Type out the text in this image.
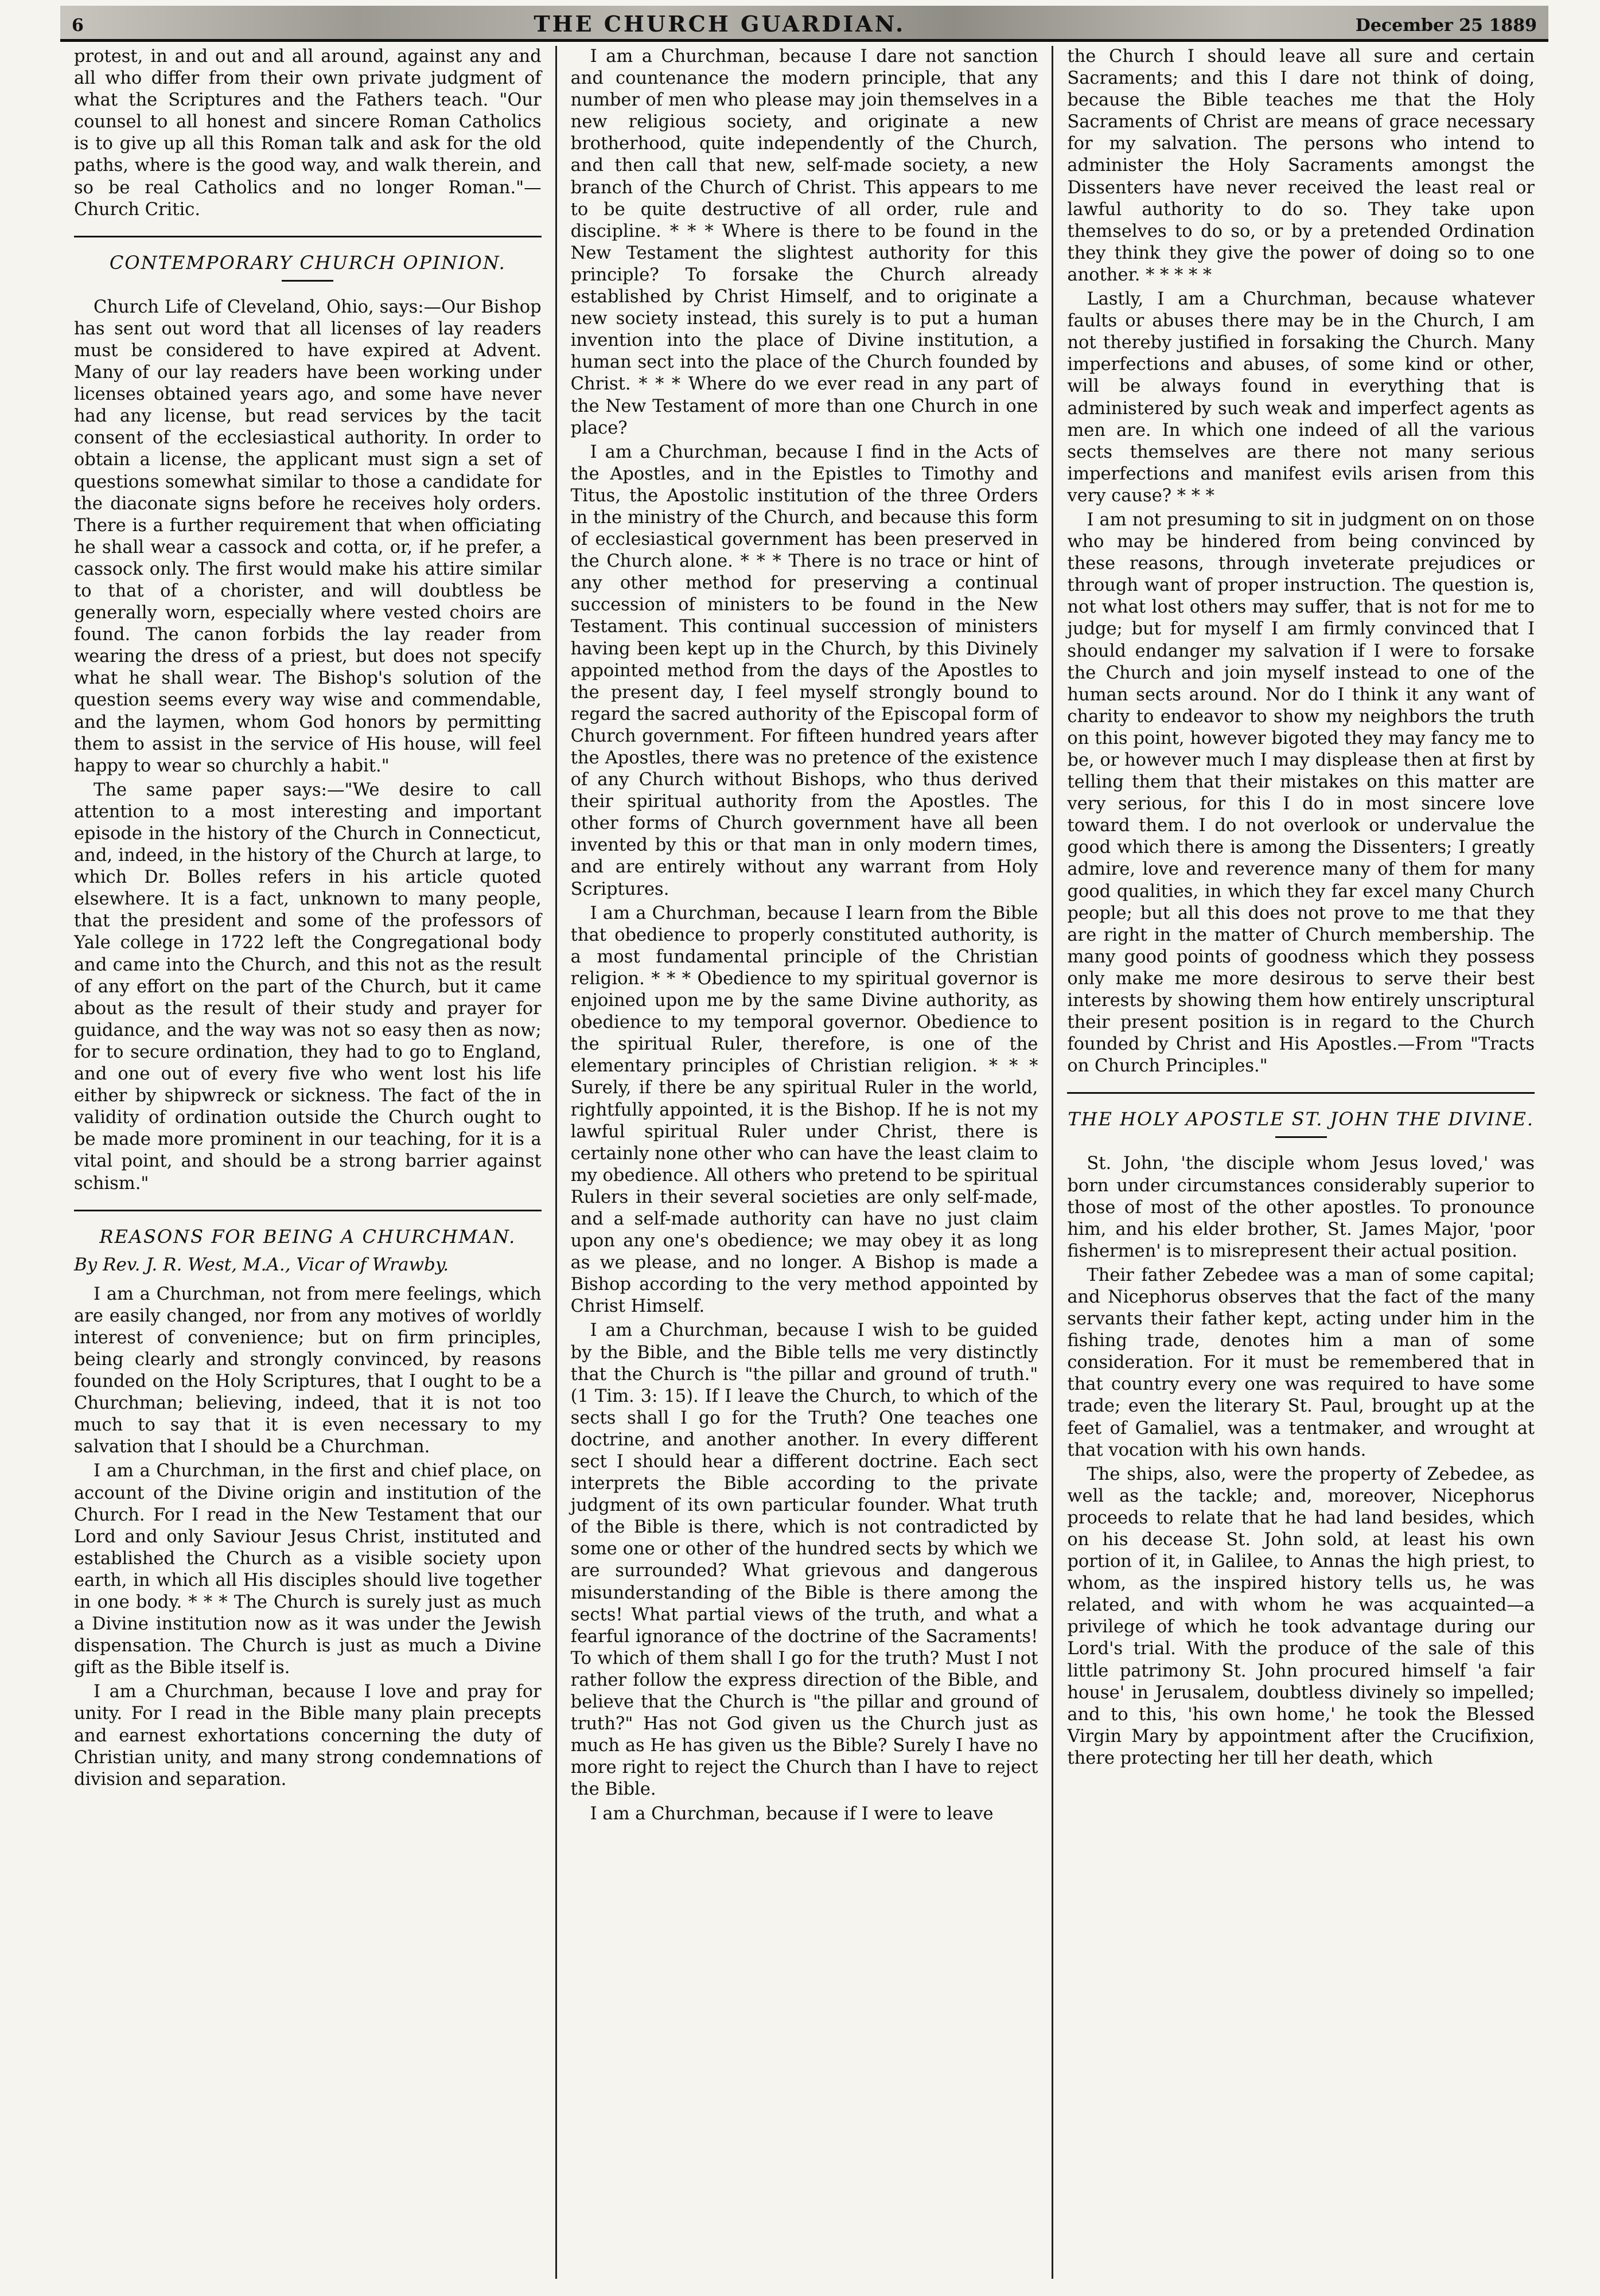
6	THE CHURCH GUARDIAN.	December 25 1889

protest, in and out and all around, against any and all who differ from their own private judgment of what the Scriptures and the Fathers teach. "Our counsel to all honest and sincere Roman Catholics is to give up all this Roman talk and ask for the old paths, where is the good way, and walk therein, and so be real Catholics and no longer Roman."—Church Critic.

CONTEMPORARY CHURCH OPINION.

Church Life of Cleveland, Ohio, says:—Our Bishop has sent out word that all licenses of lay readers must be considered to have expired at Advent. Many of our lay readers have been working under licenses obtained years ago, and some have never had any license, but read services by the tacit consent of the ecclesiastical authority. In order to obtain a license, the applicant must sign a set of questions somewhat similar to those a candidate for the diaconate signs before he receives holy orders. There is a further requirement that when officiating he shall wear a cassock and cotta, or, if he prefer, a cassock only. The first would make his attire similar to that of a chorister, and will doubtless be generally worn, especially where vested choirs are found. The canon forbids the lay reader from wearing the dress of a priest, but does not specify what he shall wear. The Bishop's solution of the question seems every way wise and commendable, and the laymen, whom God honors by permitting them to assist in the service of His house, will feel happy to wear so churchly a habit."

The same paper says:—"We desire to call attention to a most interesting and important episode in the history of the Church in Connecticut, and, indeed, in the history of the Church at large, to which Dr. Bolles refers in his article quoted elsewhere. It is a fact, unknown to many people, that the president and some of the professors of Yale college in 1722 left the Congregational body and came into the Church, and this not as the result of any effort on the part of the Church, but it came about as the result of their study and prayer for guidance, and the way was not so easy then as now; for to secure ordination, they had to go to England, and one out of every five who went lost his life either by shipwreck or sickness. The fact of the in validity of ordination outside the Church ought to be made more prominent in our teaching, for it is a vital point, and should be a strong barrier against schism."

REASONS FOR BEING A CHURCHMAN.

By Rev. J. R. West, M.A., Vicar of Wrawby.

I am a Churchman, not from mere feelings, which are easily changed, nor from any motives of worldly interest of convenience; but on firm principles, being clearly and strongly convinced, by reasons founded on the Holy Scriptures, that I ought to be a Churchman; believing, indeed, that it is not too much to say that it is even necessary to my salvation that I should be a Churchman.

I am a Churchman, in the first and chief place, on account of the Divine origin and institution of the Church. For I read in the New Testament that our Lord and only Saviour Jesus Christ, instituted and established the Church as a visible society upon earth, in which all His disciples should live together in one body. * * * The Church is surely just as much a Divine institution now as it was under the Jewish dispensation. The Church is just as much a Divine gift as the Bible itself is.

I am a Churchman, because I love and pray for unity. For I read in the Bible many plain precepts and earnest exhortations concerning the duty of Christian unity, and many strong condemnations of division and separation.

I am a Churchman, because I dare not sanction and countenance the modern principle, that any number of men who please may join themselves in a new religious society, and originate a new brotherhood, quite independently of the Church, and then call that new, self-made society, a new branch of the Church of Christ. This appears to me to be quite destructive of all order, rule and discipline. * * * Where is there to be found in the New Testament the slightest authority for this principle? To forsake the Church already established by Christ Himself, and to originate a new society instead, this surely is to put a human invention into the place of Divine institution, a human sect into the place of the Church founded by Christ. * * * Where do we ever read in any part of the New Testament of more than one Church in one place?

I am a Churchman, because I find in the Acts of the Apostles, and in the Epistles to Timothy and Titus, the Apostolic institution of the three Orders in the ministry of the Church, and because this form of ecclesiastical government has been preserved in the Church alone. * * * There is no trace or hint of any other method for preserving a continual succession of ministers to be found in the New Testament. This continual succession of ministers having been kept up in the Church, by this Divinely appointed method from the days of the Apostles to the present day, I feel myself strongly bound to regard the sacred authority of the Episcopal form of Church government. For fifteen hundred years after the Apostles, there was no pretence of the existence of any Church without Bishops, who thus derived their spiritual authority from the Apostles. The other forms of Church government have all been invented by this or that man in only modern times, and are entirely without any warrant from Holy Scriptures.

I am a Churchman, because I learn from the Bible that obedience to properly constituted authority, is a most fundamental principle of the Christian religion. * * * Obedience to my spiritual governor is enjoined upon me by the same Divine authority, as obedience to my temporal governor. Obedience to the spiritual Ruler, therefore, is one of the elementary principles of Christian religion. * * * Surely, if there be any spiritual Ruler in the world, rightfully appointed, it is the Bishop. If he is not my lawful spiritual Ruler under Christ, there is certainly none other who can have the least claim to my obedience. All others who pretend to be spiritual Rulers in their several societies are only self-made, and a self-made authority can have no just claim upon any one's obedience; we may obey it as long as we please, and no longer. A Bishop is made a Bishop according to the very method appointed by Christ Himself.

I am a Churchman, because I wish to be guided by the Bible, and the Bible tells me very distinctly that the Church is "the pillar and ground of truth." (1 Tim. 3: 15). If I leave the Church, to which of the sects shall I go for the Truth? One teaches one doctrine, and another another. In every different sect I should hear a different doctrine. Each sect interprets the Bible according to the private judgment of its own particular founder. What truth of the Bible is there, which is not contradicted by some one or other of the hundred sects by which we are surrounded? What grievous and dangerous misunderstanding of the Bible is there among the sects! What partial views of the truth, and what a fearful ignorance of the doctrine of the Sacraments! To which of them shall I go for the truth? Must I not rather follow the express direction of the Bible, and believe that the Church is "the pillar and ground of truth?" Has not God given us the Church just as much as He has given us the Bible? Surely I have no more right to reject the Church than I have to reject the Bible.

I am a Churchman, because if I were to leave

the Church I should leave all sure and certain Sacraments; and this I dare not think of doing, because the Bible teaches me that the Holy Sacraments of Christ are means of grace necessary for my salvation. The persons who intend to administer the Holy Sacraments amongst the Dissenters have never received the least real or lawful authority to do so. They take upon themselves to do so, or by a pretended Ordination they think they give the power of doing so to one another. * * * * *

Lastly, I am a Churchman, because whatever faults or abuses there may be in the Church, I am not thereby justified in forsaking the Church. Many imperfections and abuses, of some kind or other, will be always found in everything that is administered by such weak and imperfect agents as men are. In which one indeed of all the various sects themselves are there not many serious imperfections and manifest evils arisen from this very cause? * * *

I am not presuming to sit in judgment on on those who may be hindered from being convinced by these reasons, through inveterate prejudices or through want of proper instruction. The question is, not what lost others may suffer, that is not for me to judge; but for myself I am firmly convinced that I should endanger my salvation if I were to forsake the Church and join myself instead to one of the human sects around. Nor do I think it any want of charity to endeavor to show my neighbors the truth on this point, however bigoted they may fancy me to be, or however much I may displease then at first by telling them that their mistakes on this matter are very serious, for this I do in most sincere love toward them. I do not overlook or undervalue the good which there is among the Dissenters; I greatly admire, love and reverence many of them for many good qualities, in which they far excel many Church people; but all this does not prove to me that they are right in the matter of Church membership. The many good points of goodness which they possess only make me more desirous to serve their best interests by showing them how entirely unscriptural their present position is in regard to the Church founded by Christ and His Apostles.—From "Tracts on Church Principles."

THE HOLY APOSTLE ST. JOHN THE DIVINE.

St. John, 'the disciple whom Jesus loved,' was born under circumstances considerably superior to those of most of the other apostles. To pronounce him, and his elder brother, St. James Major, 'poor fishermen' is to misrepresent their actual position.

Their father Zebedee was a man of some capital; and Nicephorus observes that the fact of the many servants their father kept, acting under him in the fishing trade, denotes him a man of some consideration. For it must be remembered that in that country every one was required to have some trade; even the literary St. Paul, brought up at the feet of Gamaliel, was a tentmaker, and wrought at that vocation with his own hands.

The ships, also, were the property of Zebedee, as well as the tackle; and, moreover, Nicephorus proceeds to relate that he had land besides, which on his decease St. John sold, at least his own portion of it, in Galilee, to Annas the high priest, to whom, as the inspired history tells us, he was related, and with whom he was acquainted—a privilege of which he took advantage during our Lord's trial. With the produce of the sale of this little patrimony St. John procured himself 'a fair house' in Jerusalem, doubtless divinely so impelled; and to this, 'his own home,' he took the Blessed Virgin Mary by appointment after the Crucifixion, there protecting her till her death, which
